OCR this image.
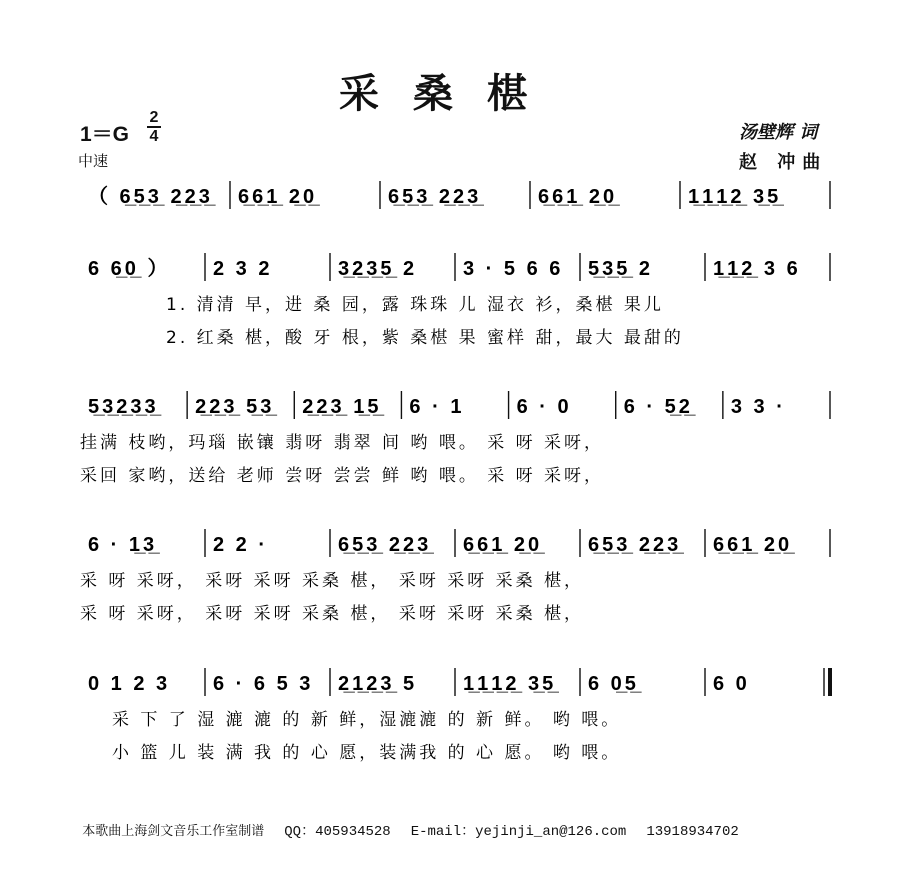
采桑椹
1＝G
2
4
中速
汤壁辉 词
赵 冲曲
（ 6̲5̲3̲ 2̲2̲3̲ 6̲6̲1̲ 2̲0̲	6̲5̲3̲ 2̲2̲3̲	6̲6̲1̲ 2̲0̲	1̲1̲1̲2̲ 3̲5̲
6 6̲0̲ ） 2 3 2	3̲2̲3̲5̲ 2 3 · 5 6 6 5̲3̲5̲ 2	1̲1̲2̲ 3 6
1. 清清 早，进 桑 园，露 珠珠 儿 湿衣 衫，桑椹 果儿
2. 红桑 椹，酸 牙 根，紫 桑椹 果 蜜样 甜，最大 最甜的
5̲3̲2̲3̲3̲ 2̲2̲3̲ 5̲3̲ 2̲2̲3̲ 1̲5̲ 6 · 1	6 · 0	6 · 5̲2̲ 3 3 ·
挂满 枝哟，玛瑙 嵌镶 翡呀 翡翠 间 哟 喂。 采 呀 采呀，
采回 家哟，送给 老师 尝呀 尝尝 鲜 哟 喂。 采 呀 采呀，
6 · 1̲3̲	2 2 ·	6̲5̲3̲ 2̲2̲3̲ 6̲6̲1̲ 2̲0̲ 6̲5̲3̲ 2̲2̲3̲ 6̲6̲1̲ 2̲0̲
采 呀 采呀， 采呀 采呀 采桑 椹， 采呀 采呀 采桑 椹，
采 呀 采呀， 采呀 采呀 采桑 椹， 采呀 采呀 采桑 椹，
0 1 2 3 6 · 6 5 3 2̲1̲2̲3̲ 5 1̲1̲1̲2̲ 3̲5̲ 6 0̲5̲	6 0
采 下 了 湿 漉 漉 的 新 鲜，湿漉漉 的 新 鲜。 哟 喂。
小 篮 儿 装 满 我 的 心 愿，装满我 的 心 愿。 哟 喂。

本歌曲上海剑文音乐工作室制谱 QQ：405934528 E-mail：yejinji_an@126.com 13918934702
